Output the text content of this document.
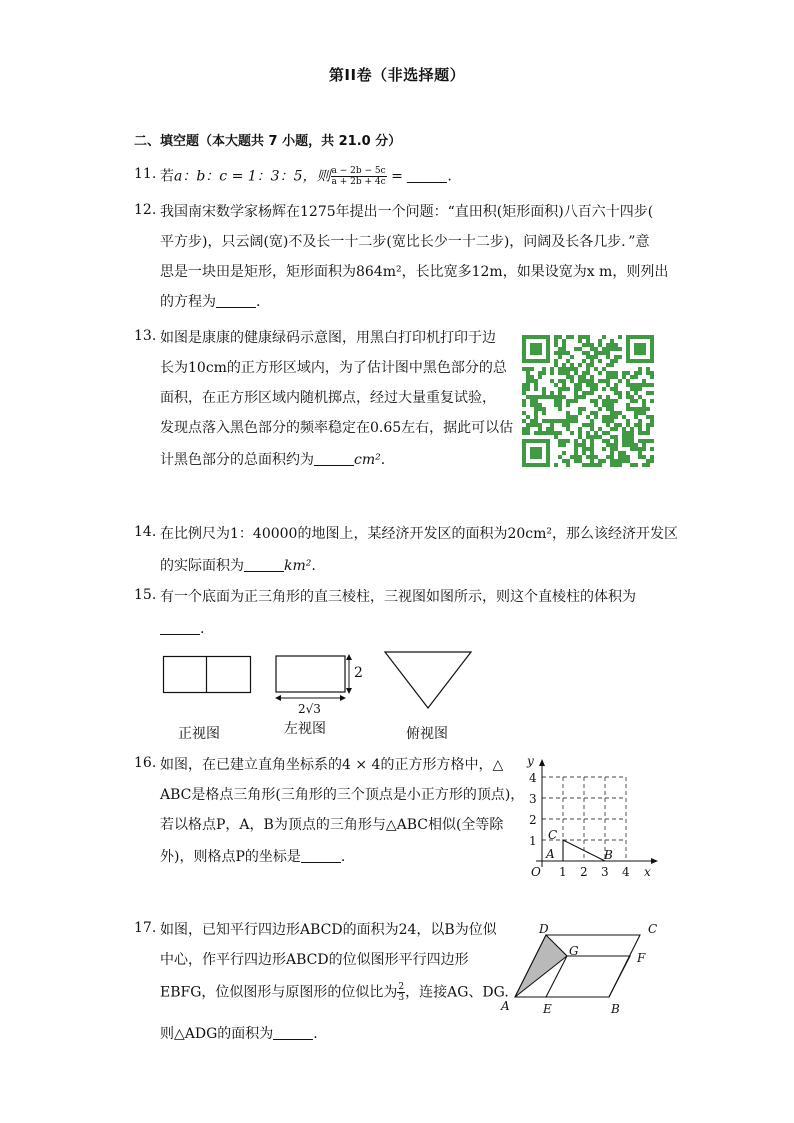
第II卷（非选择题）
二、填空题（本大题共 7 小题，共 21.0 分）
11. 若a：b：c = 1：3：5，则 $\frac{a - 2b - 5c}{a + 2b + 4c}$ =	.
12. 我国南宋数学家杨辉在1275年提出一个问题：“直田积(矩形面积)八百六十四步(
平方步)，只云阔(宽)不及长一十二步(宽比长少一十二步)，问阔及长各几步．”意
思是一块田是矩形，矩形面积为864m²，长比宽多12m，如果设宽为x m，则列出
的方程为	.
13. 如图是康康的健康绿码示意图，用黑白打印机打印于边
长为10cm的正方形区域内，为了估计图中黑色部分的总
面积，在正方形区域内随机掷点，经过大量重复试验，
发现点落入黑色部分的频率稳定在0.65左右，据此可以估
计黑色部分的总面积约为	cm².
14. 在比例尺为1：40000的地图上，某经济开发区的面积为20cm²，那么该经济开发区
的实际面积为	km².
15. 有一个底面为正三角形的直三棱柱，三视图如图所示，则这个直棱柱的体积为
.
正视图
2
2√3
左视图	俯视图
16. 如图，在已建立直角坐标系的4 × 4的正方形方格中，△
ABC是格点三角形(三角形的三个顶点是小正方形的顶点)，
若以格点P，A，B为顶点的三角形与△ABC相似(全等除
外)，则格点P的坐标是	.
y
x
O 1 2 3 4
1
2
3
4
A	B
C
17. 如图，已知平行四边形ABCD的面积为24，以B为位似
中心，作平行四边形ABCD的位似图形平行四边形
EBFG，位似图形与原图形的位似比为 $\frac{2}{3}$ ，连接AG、DG.
则△ADG的面积为	.
D	C
G	F
A	E	B
